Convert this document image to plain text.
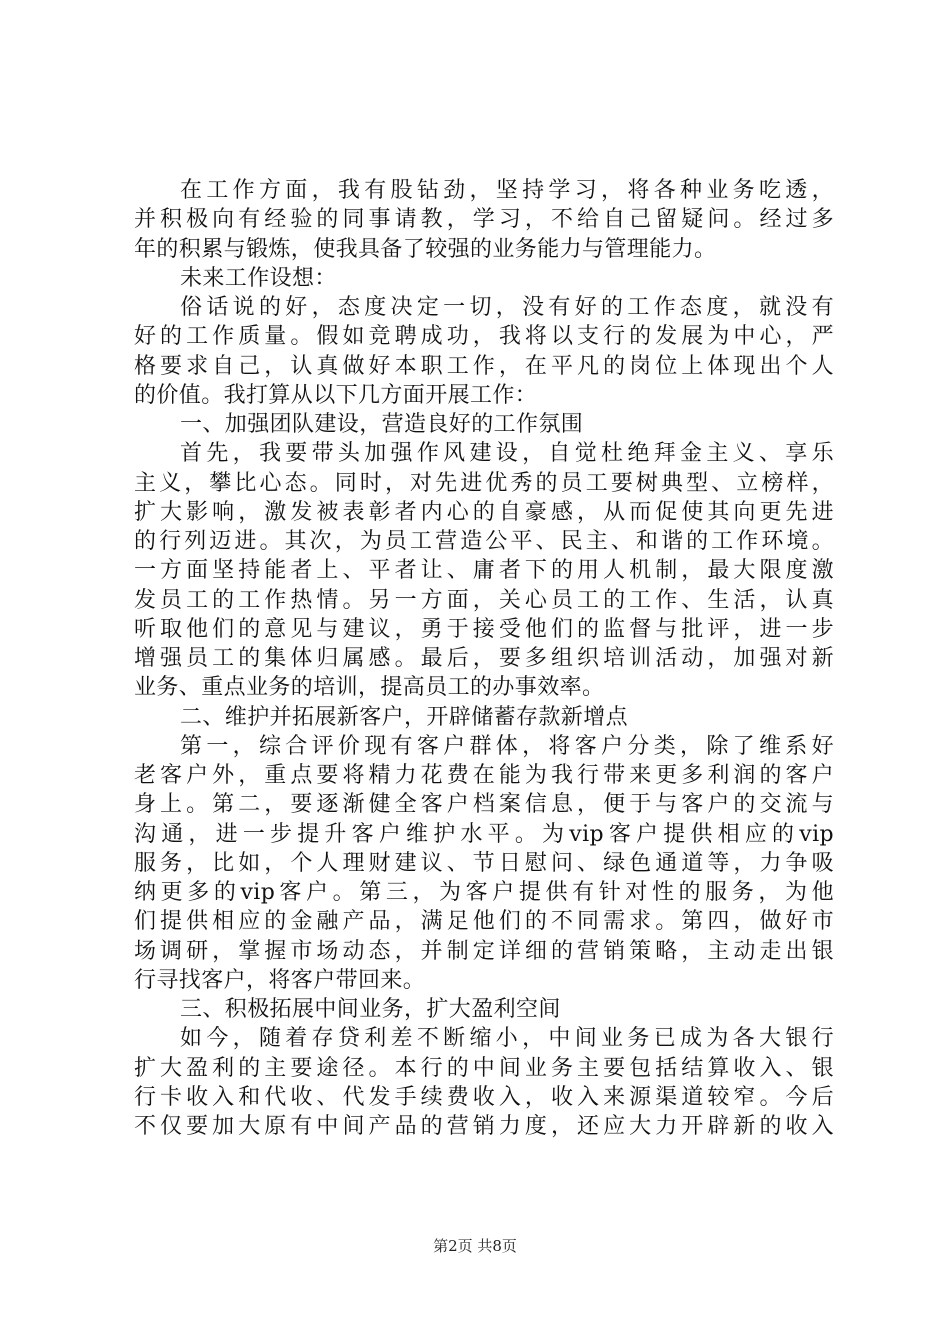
在工作方面，我有股钻劲，坚持学习，将各种业务吃透，
并积极向有经验的同事请教，学习，不给自己留疑问。经过多
年的积累与锻炼，使我具备了较强的业务能力与管理能力。
未来工作设想：
俗话说的好，态度决定一切，没有好的工作态度，就没有
好的工作质量。假如竞聘成功，我将以支行的发展为中心，严
格要求自己，认真做好本职工作，在平凡的岗位上体现出个人
的价值。我打算从以下几方面开展工作：
一、加强团队建设，营造良好的工作氛围
首先，我要带头加强作风建设，自觉杜绝拜金主义、享乐
主义，攀比心态。同时，对先进优秀的员工要树典型、立榜样，
扩大影响，激发被表彰者内心的自豪感，从而促使其向更先进
的行列迈进。其次，为员工营造公平、民主、和谐的工作环境。
一方面坚持能者上、平者让、庸者下的用人机制，最大限度激
发员工的工作热情。另一方面，关心员工的工作、生活，认真
听取他们的意见与建议，勇于接受他们的监督与批评，进一步
增强员工的集体归属感。最后，要多组织培训活动，加强对新
业务、重点业务的培训，提高员工的办事效率。
二、维护并拓展新客户，开辟储蓄存款新增点
第一，综合评价现有客户群体，将客户分类，除了维系好
老客户外，重点要将精力花费在能为我行带来更多利润的客户
身上。第二，要逐渐健全客户档案信息，便于与客户的交流与
沟通，进一步提升客户维护水平。为vip客户提供相应的vip
服务，比如，个人理财建议、节日慰问、绿色通道等，力争吸
纳更多的vip客户。第三，为客户提供有针对性的服务，为他
们提供相应的金融产品，满足他们的不同需求。第四，做好市
场调研，掌握市场动态，并制定详细的营销策略，主动走出银
行寻找客户，将客户带回来。
三、积极拓展中间业务，扩大盈利空间
如今，随着存贷利差不断缩小，中间业务已成为各大银行
扩大盈利的主要途径。本行的中间业务主要包括结算收入、银
行卡收入和代收、代发手续费收入，收入来源渠道较窄。今后
不仅要加大原有中间产品的营销力度，还应大力开辟新的收入
第2页 共8页
